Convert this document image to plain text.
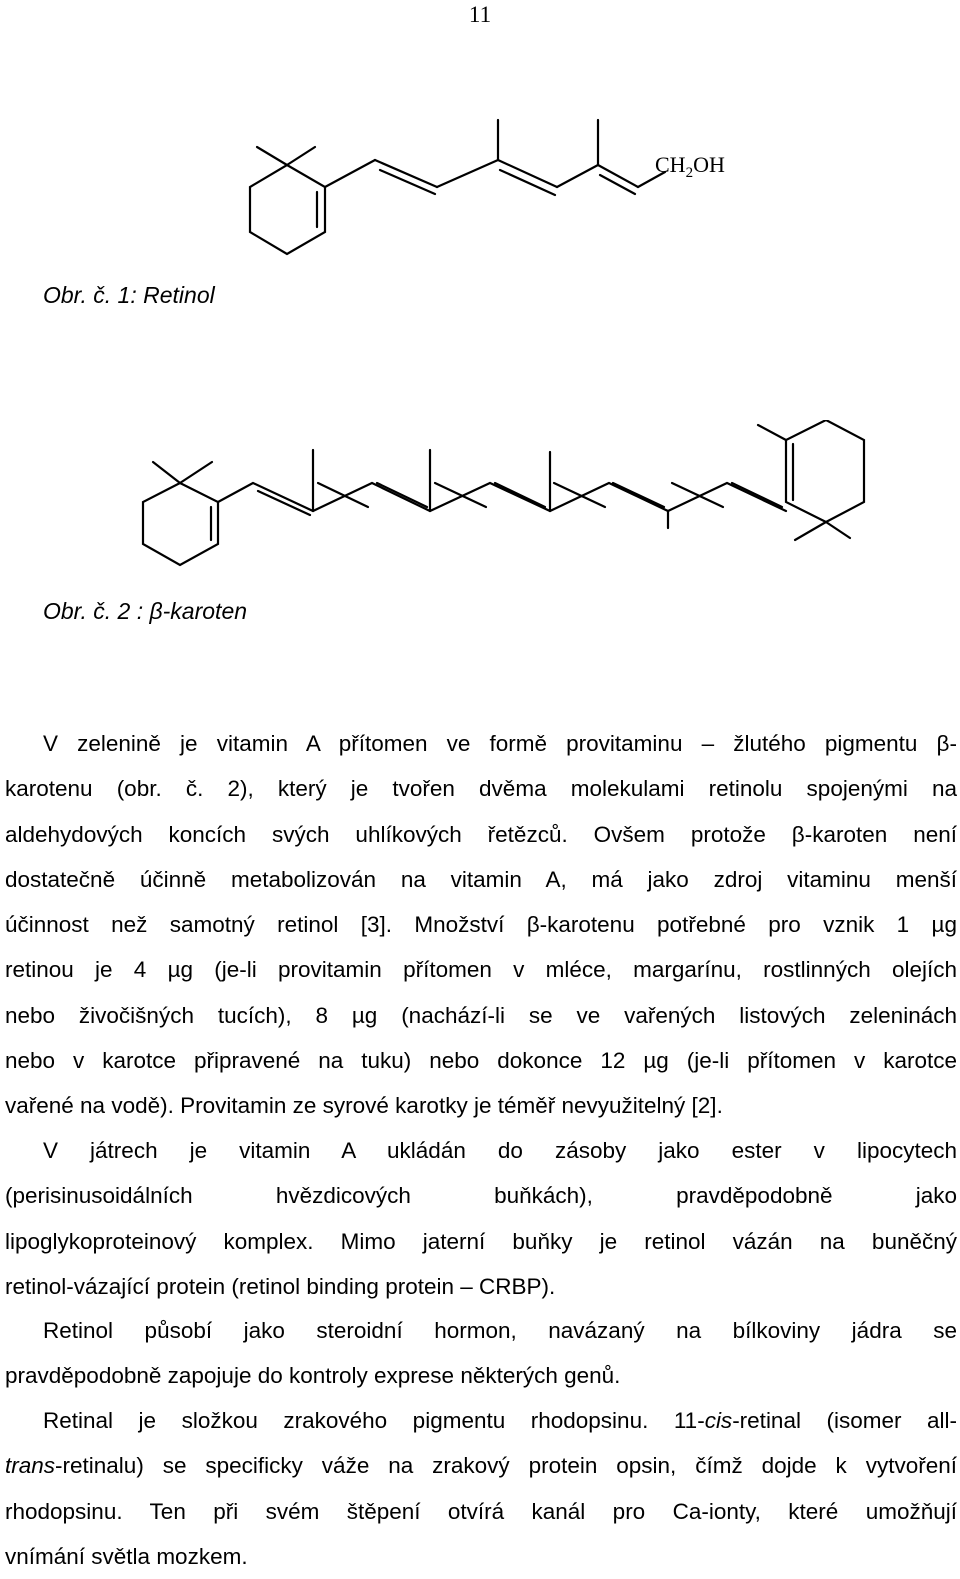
11
$CH_2OH$
Obr. č. 1: Retinol
Obr. č. 2 : β-karoten
V zelenině je vitamin A přítomen ve formě provitaminu – žlutého pigmentu β-
karotenu (obr. č. 2), který je tvořen dvěma molekulami retinolu spojenými na
aldehydových koncích svých uhlíkových řetězců. Ovšem protože β-karoten není
dostatečně účinně metabolizován na vitamin A, má jako zdroj vitaminu menší
účinnost než samotný retinol [3]. Množství β-karotenu potřebné pro vznik 1 µg
retinou je 4 µg (je-li provitamin přítomen v mléce, margarínu, rostlinných olejích
nebo živočišných tucích), 8 µg (nachází-li se ve vařených listových zeleninách
nebo v karotce připravené na tuku) nebo dokonce 12 µg (je-li přítomen v karotce
vařené na vodě). Provitamin ze syrové karotky je téměř nevyužitelný [2].
V játrech je vitamin A ukládán do zásoby jako ester v lipocytech
(perisinusoidálních hvězdicových buňkách), pravděpodobně jako
lipoglykoproteinový komplex. Mimo jaterní buňky je retinol vázán na buněčný
retinol-vázající protein (retinol binding protein – CRBP).
Retinol působí jako steroidní hormon, navázaný na bílkoviny jádra se
pravděpodobně zapojuje do kontroly exprese některých genů.
Retinal je složkou zrakového pigmentu rhodopsinu. 11-cis-retinal (isomer all-
trans-retinalu) se specificky váže na zrakový protein opsin, čímž dojde k vytvoření
rhodopsinu. Ten při svém štěpení otvírá kanál pro Ca-ionty, které umožňují
vnímání světla mozkem.
